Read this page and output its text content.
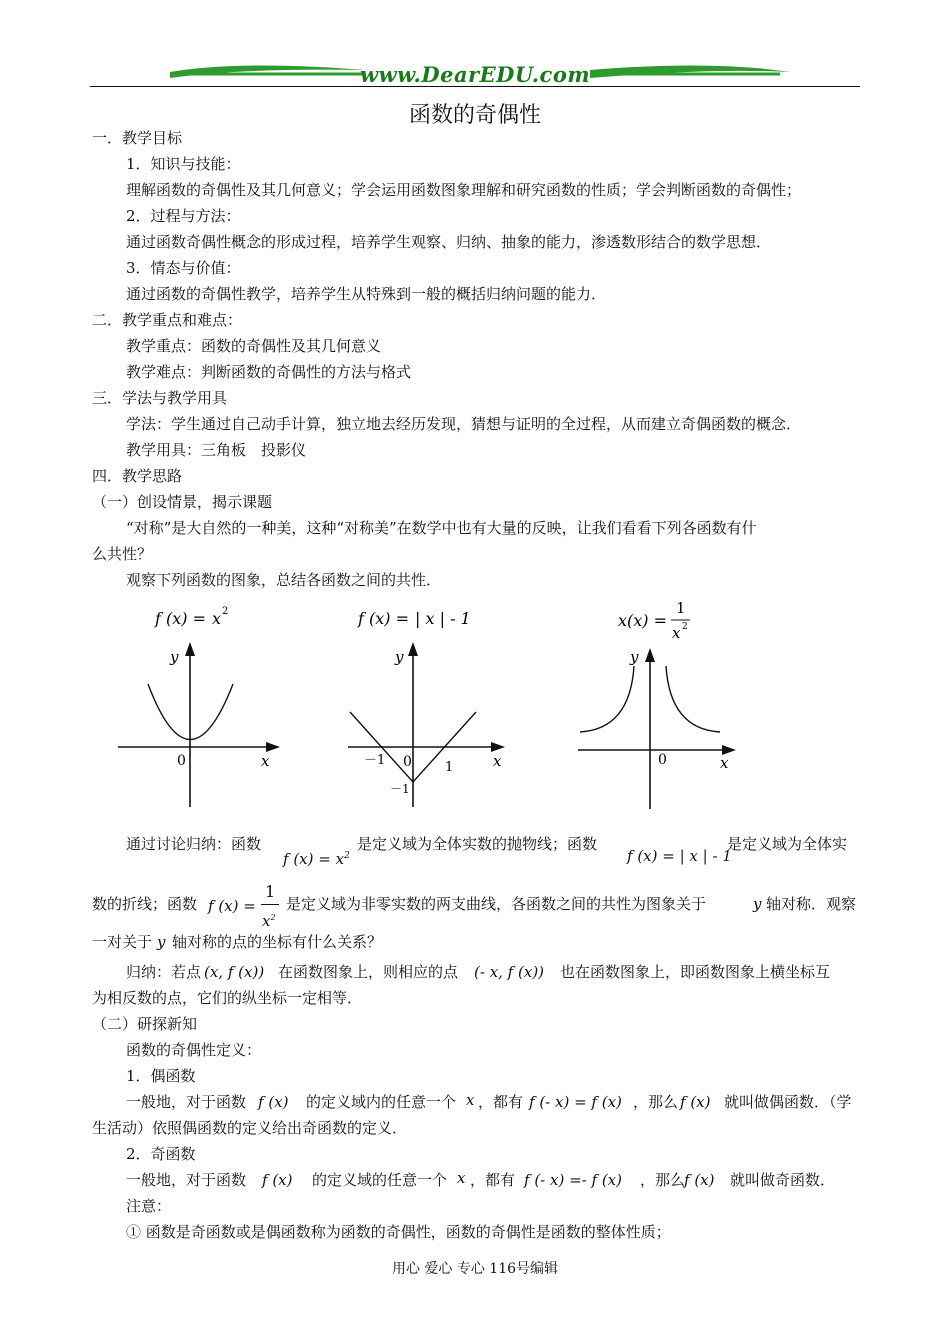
www.DearEDU.com
函数的奇偶性
一．教学目标
1．知识与技能：
理解函数的奇偶性及其几何意义；学会运用函数图象理解和研究函数的性质；学会判断函数的奇偶性；
2．过程与方法：
通过函数奇偶性概念的形成过程，培养学生观察、归纳、抽象的能力，渗透数形结合的数学思想．
3．情态与价值：
通过函数的奇偶性教学，培养学生从特殊到一般的概括归纳问题的能力．
二．教学重点和难点：
教学重点：函数的奇偶性及其几何意义
教学难点：判断函数的奇偶性的方法与格式
三．学法与教学用具
学法：学生通过自己动手计算，独立地去经历发现，猜想与证明的全过程，从而建立奇偶函数的概念．
教学用具：三角板　投影仪
四．教学思路
（一）创设情景，揭示课题
“对称”是大自然的一种美，这种“对称美”在数学中也有大量的反映，让我们看看下列各函数有什
么共性？
观察下列函数的图象，总结各函数之间的共性．
f (x) = x 2
y
x
0
f (x) = | x | - 1
y
x
0
－1	1
－1
x(x) =
1
x 2
y
x
0
通过讨论归纳：函数
f $(x) = x^2$
是定义域为全体实数的抛物线；函数
f (x) = | x | - 1
是定义域为全体实
数的折线；函数 f (x) =
1
$x^2$
是定义域为非零实数的两支曲线，各函数之间的共性为图象关于	y 轴对称．观察
一对关于 y 轴对称的点的坐标有什么关系？
归纳：若点 (x, f (x)) 在函数图象上，则相应的点 (- x, f (x)) 也在函数图象上，即函数图象上横坐标互
为相反数的点，它们的纵坐标一定相等．
（二）研探新知
函数的奇偶性定义：
1．偶函数
一般地，对于函数 f (x) 的定义域内的任意一个 x ，都有 f (- x) = f (x) ，那么 f (x) 就叫做偶函数．（学
生活动）依照偶函数的定义给出奇函数的定义．
2．奇函数
一般地，对于函数 f (x) 的定义域的任意一个 x ，都有 f (- x) =- f (x) ，那么
f (x) 就叫做奇函数．
注意：
① 函数是奇函数或是偶函数称为函数的奇偶性，函数的奇偶性是函数的整体性质；
用心 爱心 专心 116号编辑
